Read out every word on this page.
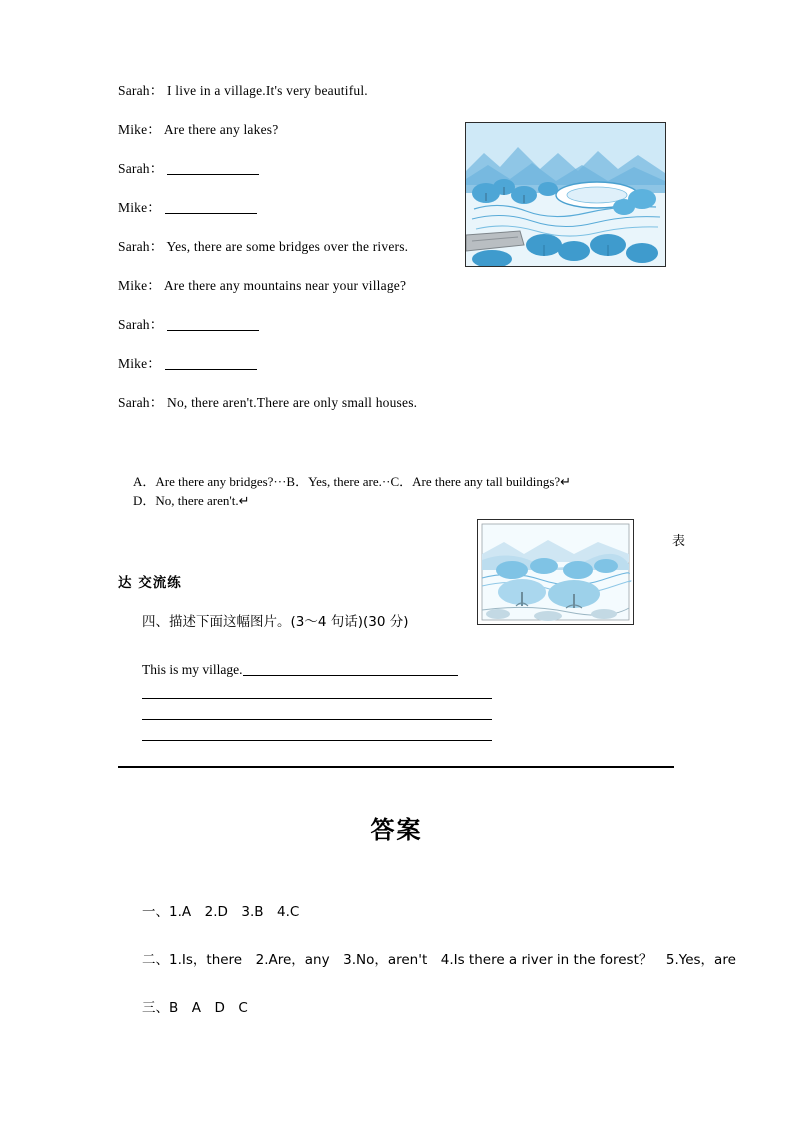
Sarah： I live in a village.It's very beautiful.
Mike： Are there any lakes?
Sarah：
Mike：
Sarah： Yes, there are some bridges over the rivers.
Mike： Are there any mountains near your village?
Sarah：
Mike：
Sarah： No, there aren't.There are only small houses.
A．Are there any bridges?···B．Yes, there are.··C．Are there any tall buildings?↵
D．No, there aren't.↵
表
达 交流练
四、描述下面这幅图片。(3～4 句话)(30 分)
This is my village.
答案
一、1.A　2.D　3.B　4.C
二、1.Is，there　2.Are，any　3.No，aren't　4.Is there a river in the forest？　5.Yes，are
三、B　A　D　C
